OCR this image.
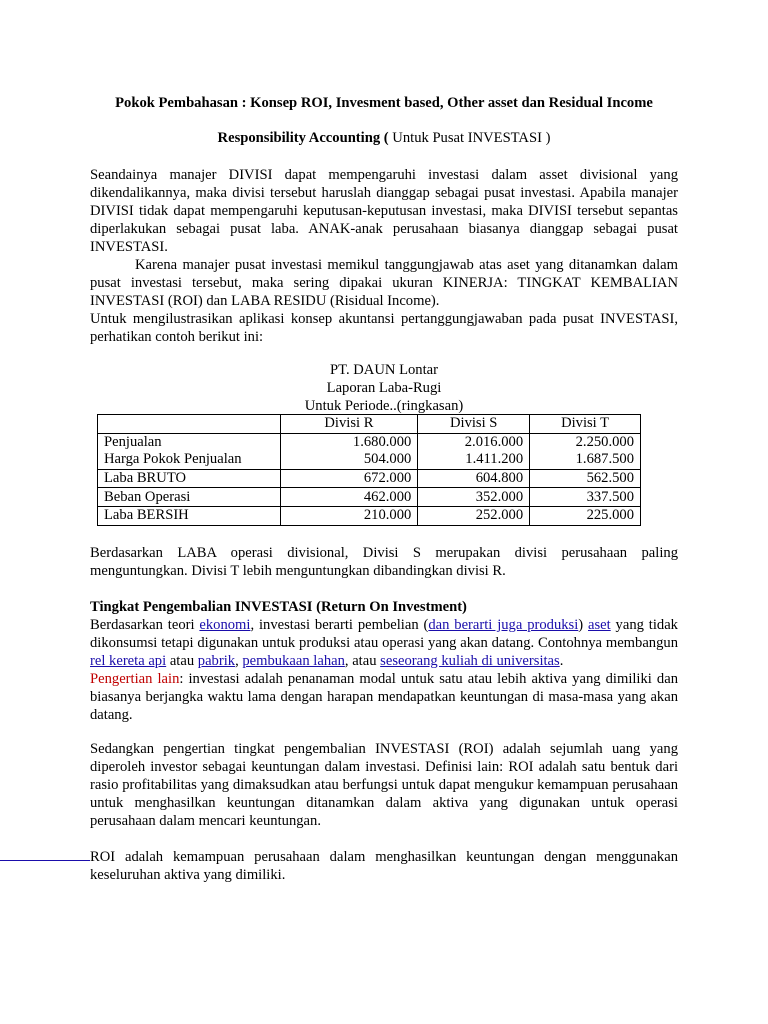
Pokok Pembahasan : Konsep ROI, Invesment based, Other asset dan Residual Income
Responsibility Accounting ( Untuk Pusat INVESTASI )

Seandainya manajer DIVISI dapat mempengaruhi investasi dalam asset divisional yang dikendalikannya, maka divisi tersebut haruslah dianggap sebagai pusat investasi. Apabila manajer DIVISI tidak dapat mempengaruhi keputusan-keputusan investasi, maka DIVISI tersebut sepantas diperlakukan sebagai pusat laba. ANAK-anak perusahaan biasanya dianggap sebagai pusat INVESTASI.

Karena manajer pusat investasi memikul tanggungjawab atas aset yang ditanamkan dalam pusat investasi tersebut, maka sering dipakai ukuran KINERJA: TINGKAT KEMBALIAN INVESTASI (ROI) dan LABA RESIDU (Risidual Income).

Untuk mengilustrasikan aplikasi konsep akuntansi pertanggungjawaban pada pusat INVESTASI, perhatikan contoh berikut ini:

PT. DAUN Lontar
Laporan Laba-Rugi
Untuk Periode..(ringkasan)
	Divisi R	Divisi S	Divisi T
Penjualan	1.680.000	2.016.000	2.250.000
Harga Pokok Penjualan	504.000	1.411.200	1.687.500
Laba BRUTO	672.000	604.800	562.500
Beban Operasi	462.000	352.000	337.500
Laba BERSIH	210.000	252.000	225.000
Berdasarkan LABA operasi divisional, Divisi S merupakan divisi perusahaan paling menguntungkan. Divisi T lebih menguntungkan dibandingkan divisi R.
Tingkat Pengembalian INVESTASI (Return On Investment)
Berdasarkan teori ekonomi, investasi berarti pembelian (dan berarti juga produksi) aset yang tidak dikonsumsi tetapi digunakan untuk produksi atau operasi yang akan datang. Contohnya membangun rel kereta api atau pabrik, pembukaan lahan, atau seseorang kuliah di universitas.
Pengertian lain: investasi adalah penanaman modal untuk satu atau lebih aktiva yang dimiliki dan biasanya berjangka waktu lama dengan harapan mendapatkan keuntungan di masa-masa yang akan datang.
Sedangkan pengertian tingkat pengembalian INVESTASI (ROI) adalah sejumlah uang yang diperoleh investor sebagai keuntungan dalam investasi. Definisi lain: ROI adalah satu bentuk dari rasio profitabilitas yang dimaksudkan atau berfungsi untuk dapat mengukur kemampuan perusahaan untuk menghasilkan keuntungan ditanamkan dalam aktiva yang digunakan untuk operasi perusahaan dalam mencari keuntungan.
ROI adalah kemampuan perusahaan dalam menghasilkan keuntungan dengan menggunakan keseluruhan aktiva yang dimiliki.
